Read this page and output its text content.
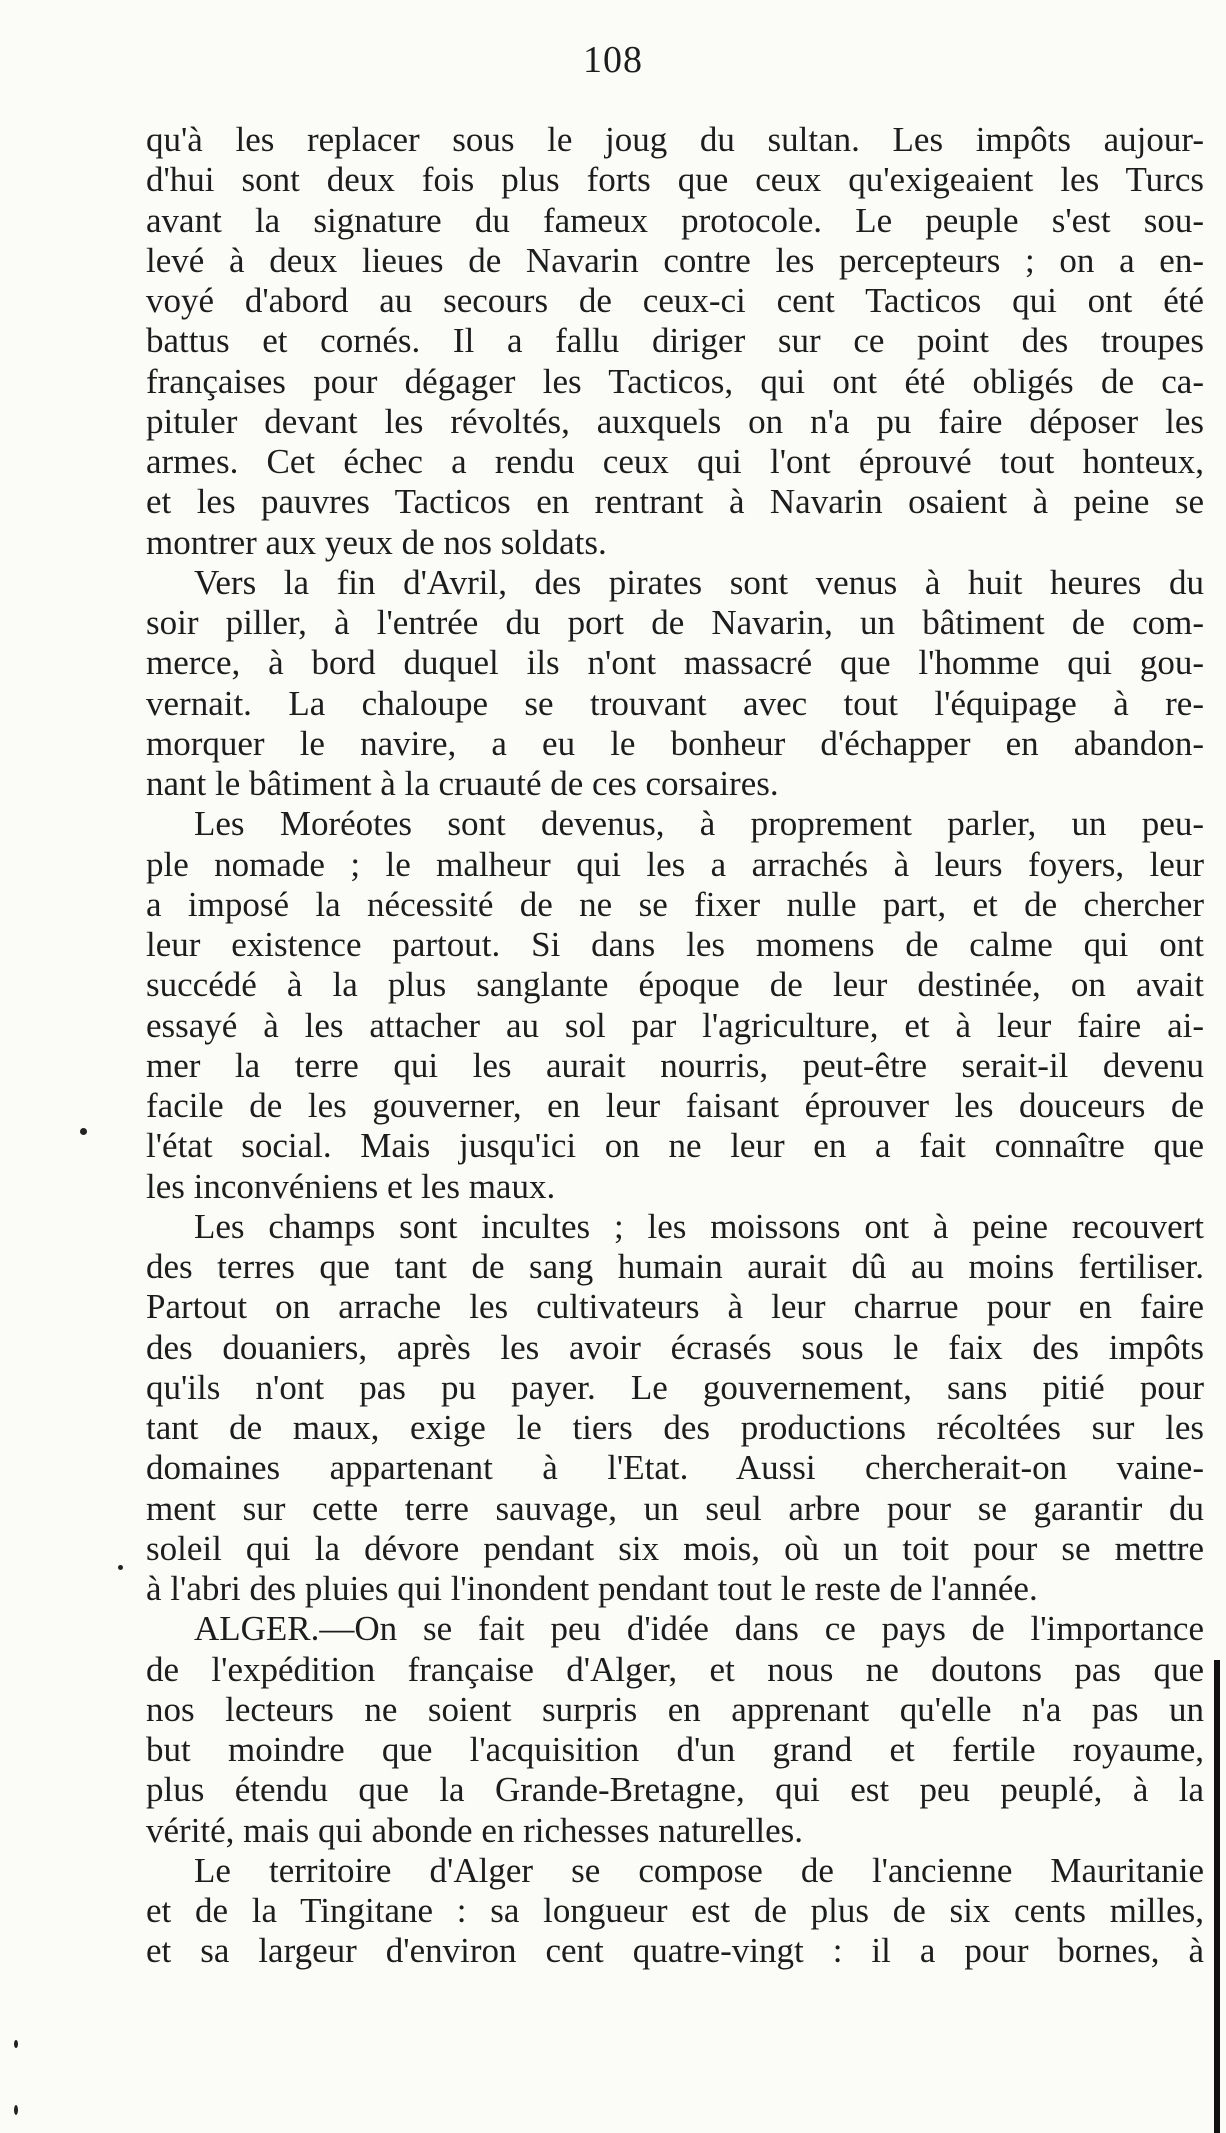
108
qu'à les replacer sous le joug du sultan. Les impôts aujour-
d'hui sont deux fois plus forts que ceux qu'exigeaient les Turcs
avant la signature du fameux protocole. Le peuple s'est sou-
levé à deux lieues de Navarin contre les percepteurs ; on a en-
voyé d'abord au secours de ceux-ci cent Tacticos qui ont été
battus et cornés. Il a fallu diriger sur ce point des troupes
françaises pour dégager les Tacticos, qui ont été obligés de ca-
pituler devant les révoltés, auxquels on n'a pu faire déposer les
armes. Cet échec a rendu ceux qui l'ont éprouvé tout honteux,
et les pauvres Tacticos en rentrant à Navarin osaient à peine se
montrer aux yeux de nos soldats.
Vers la fin d'Avril, des pirates sont venus à huit heures du
soir piller, à l'entrée du port de Navarin, un bâtiment de com-
merce, à bord duquel ils n'ont massacré que l'homme qui gou-
vernait. La chaloupe se trouvant avec tout l'équipage à re-
morquer le navire, a eu le bonheur d'échapper en abandon-
nant le bâtiment à la cruauté de ces corsaires.
Les Moréotes sont devenus, à proprement parler, un peu-
ple nomade ; le malheur qui les a arrachés à leurs foyers, leur
a imposé la nécessité de ne se fixer nulle part, et de chercher
leur existence partout. Si dans les momens de calme qui ont
succédé à la plus sanglante époque de leur destinée, on avait
essayé à les attacher au sol par l'agriculture, et à leur faire ai-
mer la terre qui les aurait nourris, peut-être serait-il devenu
facile de les gouverner, en leur faisant éprouver les douceurs de
l'état social. Mais jusqu'ici on ne leur en a fait connaître que
les inconvéniens et les maux.
Les champs sont incultes ; les moissons ont à peine recouvert
des terres que tant de sang humain aurait dû au moins fertiliser.
Partout on arrache les cultivateurs à leur charrue pour en faire
des douaniers, après les avoir écrasés sous le faix des impôts
qu'ils n'ont pas pu payer. Le gouvernement, sans pitié pour
tant de maux, exige le tiers des productions récoltées sur les
domaines appartenant à l'Etat. Aussi chercherait-on vaine-
ment sur cette terre sauvage, un seul arbre pour se garantir du
soleil qui la dévore pendant six mois, où un toit pour se mettre
à l'abri des pluies qui l'inondent pendant tout le reste de l'année.
ALGER.—On se fait peu d'idée dans ce pays de l'importance
de l'expédition française d'Alger, et nous ne doutons pas que
nos lecteurs ne soient surpris en apprenant qu'elle n'a pas un
but moindre que l'acquisition d'un grand et fertile royaume,
plus étendu que la Grande-Bretagne, qui est peu peuplé, à la
vérité, mais qui abonde en richesses naturelles.
Le territoire d'Alger se compose de l'ancienne Mauritanie
et de la Tingitane : sa longueur est de plus de six cents milles,
et sa largeur d'environ cent quatre-vingt : il a pour bornes, à
